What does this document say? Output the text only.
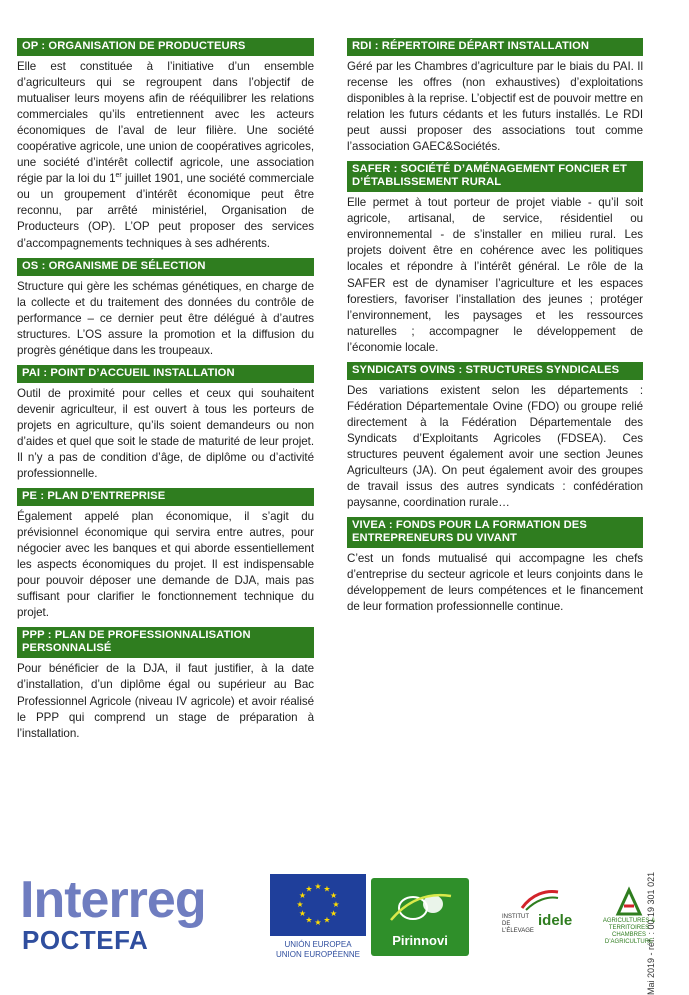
OP : ORGANISATION DE PRODUCTEURS

Elle est constituée à l’initiative d’un ensemble d’agriculteurs qui se regroupent dans l’objectif de mutualiser leurs moyens afin de rééquilibrer les relations commerciales qu’ils entretiennent avec les acteurs économiques de l’aval de leur filière. Une société coopérative agricole, une union de coopératives agricoles, une société d’intérêt collectif agricole, une association régie par la loi du 1er juillet 1901, une société commerciale ou un groupement d’intérêt économique peut être reconnu, par arrêté ministériel, Organisation de Producteurs (OP). L’OP peut proposer des services d’accompagnements techniques à ses adhérents.

OS : ORGANISME DE SÉLECTION

Structure qui gère les schémas génétiques, en charge de la collecte et du traitement des données du contrôle de performance – ce dernier peut être délégué à d’autres structures. L’OS assure la promotion et la diffusion du progrès génétique dans les troupeaux.

PAI : POINT D’ACCUEIL INSTALLATION

Outil de proximité pour celles et ceux qui souhaitent devenir agriculteur, il est ouvert à tous les porteurs de projets en agriculture, qu’ils soient demandeurs ou non d’aides et quel que soit le stade de maturité de leur projet. Il n’y a pas de condition d’âge, de diplôme ou d’activité professionnelle.

PE : PLAN D’ENTREPRISE

Également appelé plan économique, il s’agit du prévisionnel économique qui servira entre autres, pour négocier avec les banques et qui aborde essentiellement les aspects économiques du projet. Il est indispensable pour pouvoir déposer une demande de DJA, mais pas suffisant pour clarifier le fonctionnement technique du projet.

PPP : PLAN DE PROFESSIONNALISATION PERSONNALISÉ

Pour bénéficier de la DJA, il faut justifier, à la date d’installation, d’un diplôme égal ou supérieur au Bac Professionnel Agricole (niveau IV agricole) et avoir réalisé le PPP qui comprend un stage de préparation à l’installation.

RDI : RÉPERTOIRE DÉPART INSTALLATION

Géré par les Chambres d’agriculture par le biais du PAI. Il recense les offres (non exhaustives) d’exploitations disponibles à la reprise. L’objectif est de pouvoir mettre en relation les futurs cédants et les futurs installés. Le RDI peut aussi proposer des associations tout comme l’association GAEC&Sociétés.

SAFER : SOCIÉTÉ D’AMÉNAGEMENT FONCIER ET D’ÉTABLISSEMENT RURAL

Elle permet à tout porteur de projet viable - qu’il soit agricole, artisanal, de service, résidentiel ou environnemental - de s’installer en milieu rural. Les projets doivent être en cohérence avec les politiques locales et répondre à l’intérêt général. Le rôle de la SAFER est de dynamiser l’agriculture et les espaces forestiers, favoriser l’installation des jeunes ; protéger l’environnement, les paysages et les ressources naturelles ; accompagner le développement de l’économie locale.

SYNDICATS OVINS : STRUCTURES SYNDICALES

Des variations existent selon les départements : Fédération Départementale Ovine (FDO) ou groupe relié directement à la Fédération Départementale des Syndicats d’Exploitants Agricoles (FDSEA). Ces structures peuvent également avoir une section Jeunes Agriculteurs (JA). On peut également avoir des groupes de travail issus des autres syndicats : confédération paysanne, coordination rurale…

VIVEA : FONDS POUR LA FORMATION DES ENTREPRENEURS DU VIVANT

C’est un fonds mutualisé qui accompagne les chefs d’entreprise du secteur agricole et leurs conjoints dans le développement de leurs compétences et le financement de leur formation professionnelle continue.

Mai 2019 - réf. : 00 19 301 021
Interreg
POCTEFA
★ ★
★
★
★
★
★
★
★
★
★
★
UNIÓN EUROPEA
UNION EUROPÉENNE
Pirinnovi
INSTITUT DE L’ÉLEVAGE
idele	AGRICULTURES & TERRITOIRES
CHAMBRES D’AGRICULTURE
